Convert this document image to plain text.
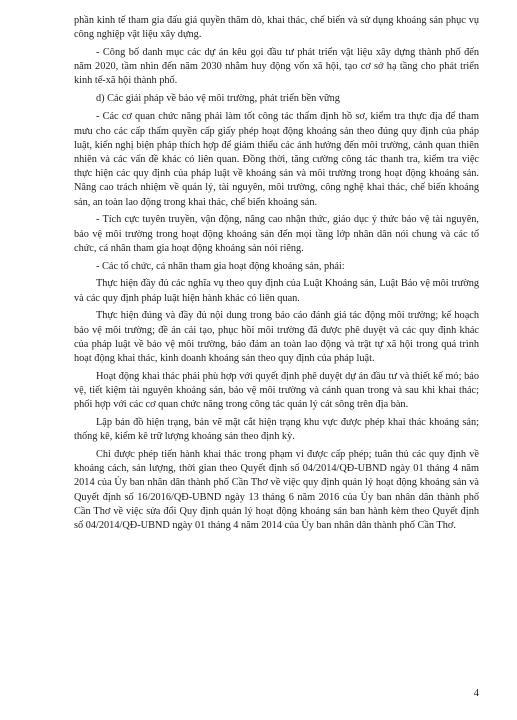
phần kinh tế tham gia đấu giá quyền thăm dò, khai thác, chế biến và sử dụng khoáng sản phục vụ công nghiệp vật liệu xây dựng.

- Công bố danh mục các dự án kêu gọi đầu tư phát triển vật liệu xây dựng thành phố đến năm 2020, tầm nhìn đến năm 2030 nhằm huy động vốn xã hội, tạo cơ sở hạ tầng cho phát triển kinh tế-xã hội thành phố.

d) Các giải pháp về bảo vệ môi trường, phát triển bền vững

- Các cơ quan chức năng phải làm tốt công tác thẩm định hồ sơ, kiểm tra thực địa để tham mưu cho các cấp thẩm quyền cấp giấy phép hoạt động khoáng sản theo đúng quy định của pháp luật, kiến nghị biện pháp thích hợp để giảm thiểu các ảnh hưởng đến môi trường, cảnh quan thiên nhiên và các vấn đề khác có liên quan. Đồng thời, tăng cường công tác thanh tra, kiểm tra việc thực hiện các quy định của pháp luật về khoáng sản và môi trường trong hoạt động khoáng sản. Nâng cao trách nhiệm về quản lý, tài nguyên, môi trường, công nghệ khai thác, chế biến khoáng sản, an toàn lao động trong khai thác, chế biến khoáng sản.

- Tích cực tuyên truyền, vận động, nâng cao nhận thức, giáo dục ý thức bảo vệ tài nguyên, bảo vệ môi trường trong hoạt động khoáng sản đến mọi tầng lớp nhân dân nói chung và các tổ chức, cá nhân tham gia hoạt động khoáng sản nói riêng.

- Các tổ chức, cá nhân tham gia hoạt động khoáng sản, phải:

Thực hiện đầy đủ các nghĩa vụ theo quy định của Luật Khoáng sản, Luật Bảo vệ môi trường và các quy định pháp luật hiện hành khác có liên quan.

Thực hiện đúng và đầy đủ nội dung trong báo cáo đánh giá tác động môi trường; kế hoạch bảo vệ môi trường; đề án cải tạo, phục hồi môi trường đã được phê duyệt và các quy định khác của pháp luật về bảo vệ môi trường, bảo đảm an toàn lao động và trật tự xã hội trong quá trình hoạt động khai thác, kinh doanh khoáng sản theo quy định của pháp luật.

Hoạt động khai thác phải phù hợp với quyết định phê duyệt dự án đầu tư và thiết kế mỏ; bảo vệ, tiết kiệm tài nguyên khoáng sản, bảo vệ môi trường và cảnh quan trong và sau khi khai thác; phối hợp với các cơ quan chức năng trong công tác quản lý cát sông trên địa bàn.

Lập bản đồ hiện trạng, bản vẽ mặt cắt hiện trạng khu vực được phép khai thác khoáng sản; thống kê, kiểm kê trữ lượng khoáng sản theo định kỳ.

Chỉ được phép tiến hành khai thác trong phạm vi được cấp phép; tuân thủ các quy định về khoảng cách, sản lượng, thời gian theo Quyết định số 04/2014/QĐ-UBND ngày 01 tháng 4 năm 2014 của Ủy ban nhân dân thành phố Cần Thơ về việc quy định quản lý hoạt động khoáng sản và Quyết định số 16/2016/QĐ-UBND ngày 13 tháng 6 năm 2016 của Ủy ban nhân dân thành phố Cần Thơ về việc sửa đổi Quy định quản lý hoạt động khoáng sản ban hành kèm theo Quyết định số 04/2014/QĐ-UBND ngày 01 tháng 4 năm 2014 của Ủy ban nhân dân thành phố Cần Thơ.

4
